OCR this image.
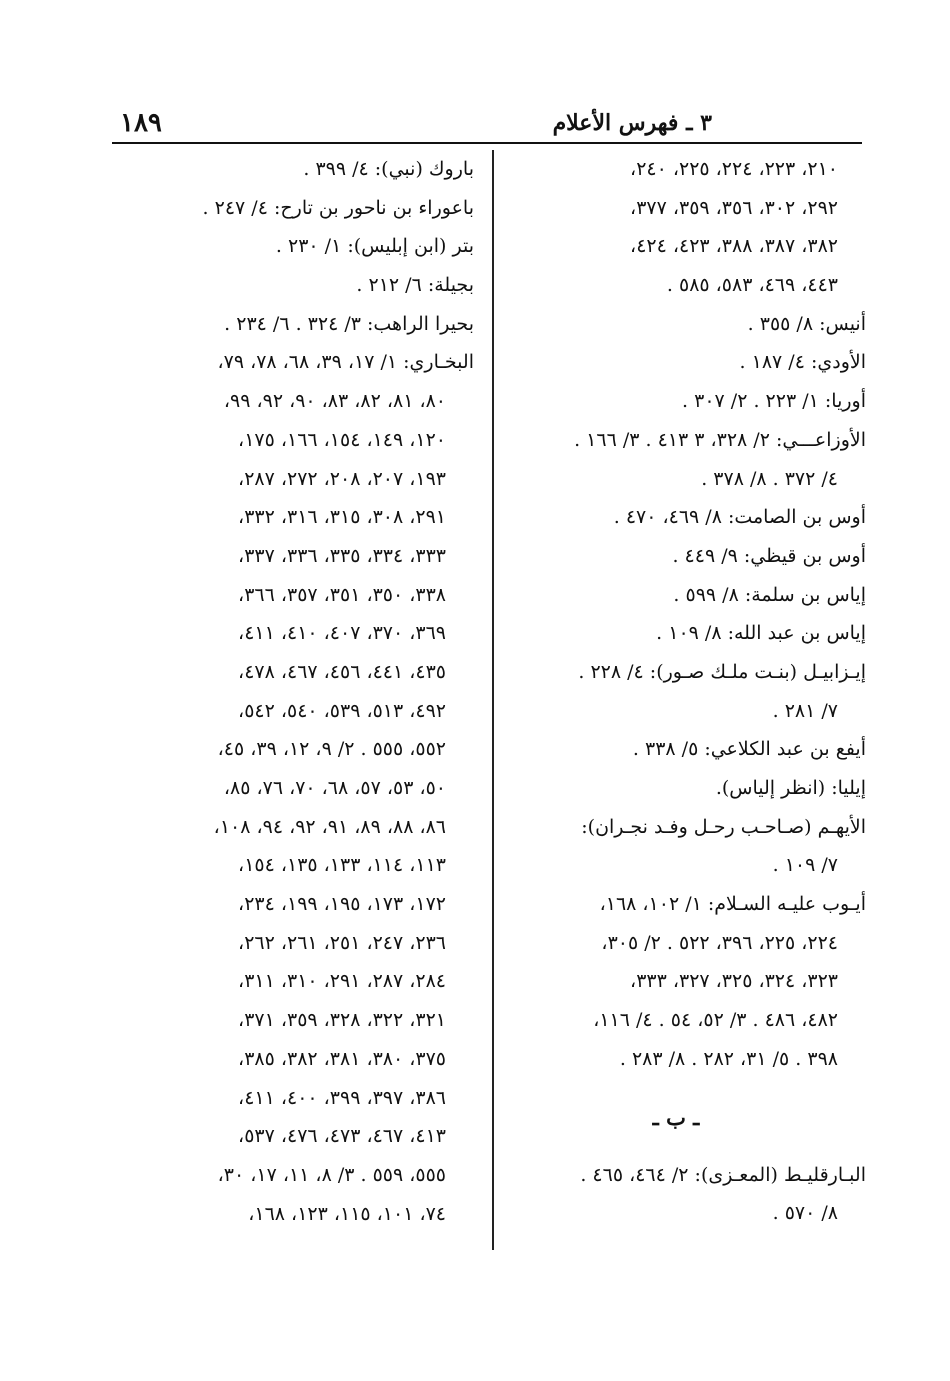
٣ ـ فهرس الأعلام
١٨٩
٢١٠، ٢٢٣، ٢٢٤، ٢٢٥، ٢٤٠،
٢٩٢، ٣٠٢، ٣٥٦، ٣٥٩، ٣٧٧،
٣٨٢، ٣٨٧، ٣٨٨، ٤٢٣، ٤٢٤،
٤٤٣، ٤٦٩، ٥٨٣، ٥٨٥ .
أنيس: ٨/ ٣٥٥ .
الأودي: ٤/ ١٨٧ .
أوريا: ١/ ٢٢٣ . ٢/ ٣٠٧ .
الأوزاعـــي: ٢/ ٣٢٨، ٣ ٤١٣ . ٣/ ١٦٦ .
٤/ ٣٧٢ . ٨/ ٣٧٨ .
أوس بن الصامت: ٨/ ٤٦٩، ٤٧٠ .
أوس بن قيظي: ٩/ ٤٤٩ .
إياس بن سلمة: ٨/ ٥٩٩ .
إياس بن عبد الله: ٨/ ١٠٩ .
إيـزابيـل (بنـت ملـك صـور): ٤/ ٢٢٨ .
٧/ ٢٨١ .
أيفع بن عبد الكلاعي: ٥/ ٣٣٨ .
إيليا: (انظر إلياس).
الأيهـم (صـاحـب رحـل وفـد نجـران):
٧/ ١٠٩ .
أيـوب عليـه السـلام: ١/ ١٠٢، ١٦٨،
٢٢٤، ٢٢٥، ٣٩٦، ٥٢٢ . ٢/ ٣٠٥،
٣٢٣، ٣٢٤، ٣٢٥، ٣٢٧، ٣٣٣،
٤٨٢، ٤٨٦ . ٣/ ٥٢، ٥٤ . ٤/ ١١٦،
٣٩٨ . ٥/ ٣١، ٢٨٢ . ٨/ ٢٨٣ .
ـ ب ـ
البـارقليـط (المعـزى): ٢/ ٤٦٤، ٤٦٥ .
٨/ ٥٧٠ .
باروك (نبي): ٤/ ٣٩٩ .
باعوراء بن ناحور بن تارح: ٤/ ٢٤٧ .
بتر (ابن إبليس): ١/ ٢٣٠ .
بجيلة: ٦/ ٢١٢ .
بحيرا الراهب: ٣/ ٣٢٤ . ٦/ ٢٣٤ .
البخـاري: ١/ ١٧، ٣٩، ٦٨، ٧٨، ٧٩،
٨٠، ٨١، ٨٢، ٨٣، ٩٠، ٩٢، ٩٩،
١٢٠، ١٤٩، ١٥٤، ١٦٦، ١٧٥،
١٩٣، ٢٠٧، ٢٠٨، ٢٧٢، ٢٨٧،
٢٩١، ٣٠٨، ٣١٥، ٣١٦، ٣٣٢،
٣٣٣، ٣٣٤، ٣٣٥، ٣٣٦، ٣٣٧،
٣٣٨، ٣٥٠، ٣٥١، ٣٥٧، ٣٦٦،
٣٦٩، ٣٧٠، ٤٠٧، ٤١٠، ٤١١،
٤٣٥، ٤٤١، ٤٥٦، ٤٦٧، ٤٧٨،
٤٩٢، ٥١٣، ٥٣٩، ٥٤٠، ٥٤٢،
٥٥٢، ٥٥٥ . ٢/ ٩، ١٢، ٣٩، ٤٥،
٥٠، ٥٣، ٥٧، ٦٨، ٧٠، ٧٦، ٨٥،
٨٦، ٨٨، ٨٩، ٩١، ٩٢، ٩٤، ١٠٨،
١١٣، ١١٤، ١٣٣، ١٣٥، ١٥٤،
١٧٢، ١٧٣، ١٩٥، ١٩٩، ٢٣٤،
٢٣٦، ٢٤٧، ٢٥١، ٢٦١، ٢٦٢،
٢٨٤، ٢٨٧، ٢٩١، ٣١٠، ٣١١،
٣٢١، ٣٢٢، ٣٢٨، ٣٥٩، ٣٧١،
٣٧٥، ٣٨٠، ٣٨١، ٣٨٢، ٣٨٥،
٣٨٦، ٣٩٧، ٣٩٩، ٤٠٠، ٤١١،
٤١٣، ٤٦٧، ٤٧٣، ٤٧٦، ٥٣٧،
٥٥٥، ٥٥٩ . ٣/ ٨، ١١، ١٧، ٣٠،
٧٤، ١٠١، ١١٥، ١٢٣، ١٦٨،
